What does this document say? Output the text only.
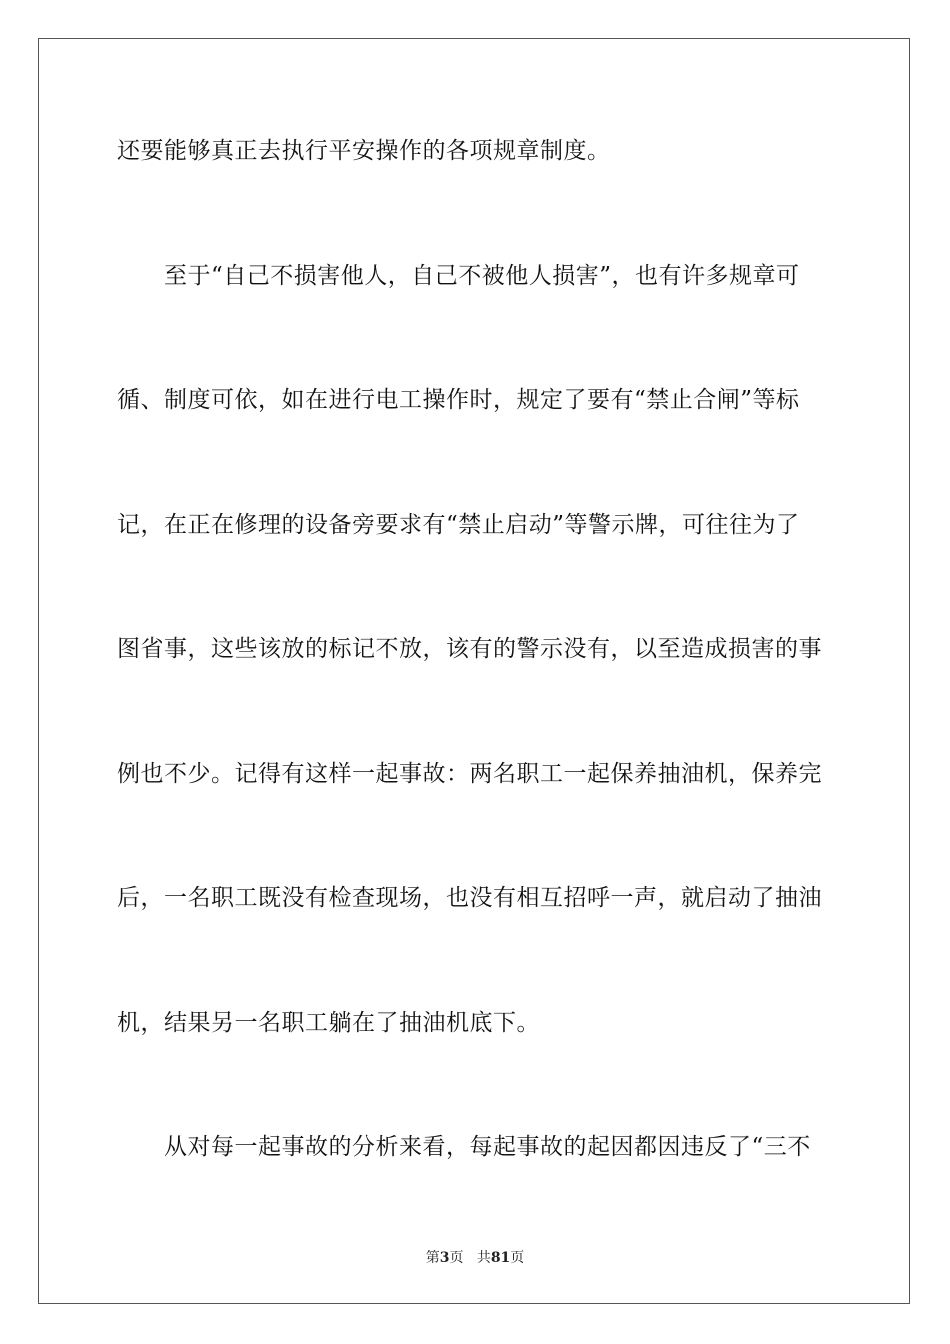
还要能够真正去执行平安操作的各项规章制度。
至于“自己不损害他人，自己不被他人损害”，也有许多规章可
循、制度可依，如在进行电工操作时，规定了要有“禁止合闸”等标
记，在正在修理的设备旁要求有“禁止启动”等警示牌，可往往为了
图省事，这些该放的标记不放，该有的警示没有，以至造成损害的事
例也不少。记得有这样一起事故：两名职工一起保养抽油机，保养完
后，一名职工既没有检查现场，也没有相互招呼一声，就启动了抽油
机，结果另一名职工躺在了抽油机底下。
从对每一起事故的分析来看，每起事故的起因都因违反了“三不
第3页 共81页
